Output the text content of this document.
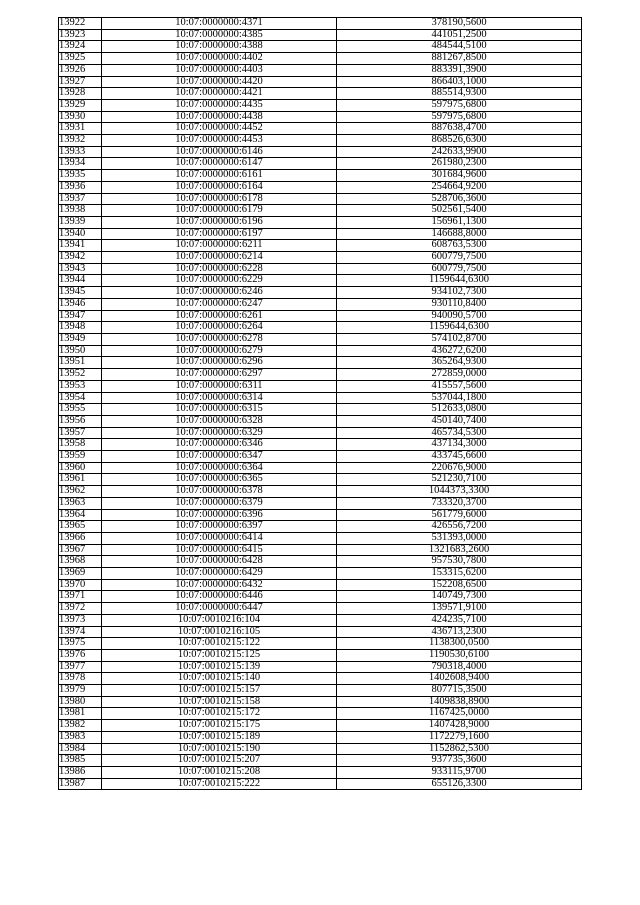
13922	10:07:0000000:4371	378190,5600
13923	10:07:0000000:4385	441051,2500
13924	10:07:0000000:4388	484544,5100
13925	10:07:0000000:4402	881267,8500
13926	10:07:0000000:4403	883391,3900
13927	10:07:0000000:4420	866403,1000
13928	10:07:0000000:4421	885514,9300
13929	10:07:0000000:4435	597975,6800
13930	10:07:0000000:4438	597975,6800
13931	10:07:0000000:4452	887638,4700
13932	10:07:0000000:4453	868526,6300
13933	10:07:0000000:6146	242633,9900
13934	10:07:0000000:6147	261980,2300
13935	10:07:0000000:6161	301684,9600
13936	10:07:0000000:6164	254664,9200
13937	10:07:0000000:6178	528706,3600
13938	10:07:0000000:6179	502561,5400
13939	10:07:0000000:6196	156961,1300
13940	10:07:0000000:6197	146688,8000
13941	10:07:0000000:6211	608763,5300
13942	10:07:0000000:6214	600779,7500
13943	10:07:0000000:6228	600779,7500
13944	10:07:0000000:6229	1159644,6300
13945	10:07:0000000:6246	934102,7300
13946	10:07:0000000:6247	930110,8400
13947	10:07:0000000:6261	940090,5700
13948	10:07:0000000:6264	1159644,6300
13949	10:07:0000000:6278	574102,8700
13950	10:07:0000000:6279	436272,6200
13951	10:07:0000000:6296	365264,9300
13952	10:07:0000000:6297	272859,0000
13953	10:07:0000000:6311	415557,5600
13954	10:07:0000000:6314	537044,1800
13955	10:07:0000000:6315	512633,0800
13956	10:07:0000000:6328	450140,7400
13957	10:07:0000000:6329	465734,5300
13958	10:07:0000000:6346	437134,3000
13959	10:07:0000000:6347	433745,6600
13960	10:07:0000000:6364	220676,9000
13961	10:07:0000000:6365	521230,7100
13962	10:07:0000000:6378	1044373,3300
13963	10:07:0000000:6379	733320,3700
13964	10:07:0000000:6396	561779,6000
13965	10:07:0000000:6397	426556,7200
13966	10:07:0000000:6414	531393,0000
13967	10:07:0000000:6415	1321683,2600
13968	10:07:0000000:6428	957530,7800
13969	10:07:0000000:6429	153315,6200
13970	10:07:0000000:6432	152208,6500
13971	10:07:0000000:6446	140749,7300
13972	10:07:0000000:6447	139571,9100
13973	10:07:0010216:104	424235,7100
13974	10:07:0010216:105	436713,2300
13975	10:07:0010215:122	1138300,0500
13976	10:07:0010215:125	1190530,6100
13977	10:07:0010215:139	790318,4000
13978	10:07:0010215:140	1402608,9400
13979	10:07:0010215:157	807715,3500
13980	10:07:0010215:158	1409838,8900
13981	10:07:0010215:172	1167425,0000
13982	10:07:0010215:175	1407428,9000
13983	10:07:0010215:189	1172279,1600
13984	10:07:0010215:190	1152862,5300
13985	10:07:0010215:207	937735,3600
13986	10:07:0010215:208	933115,9700
13987	10:07:0010215:222	655126,3300
